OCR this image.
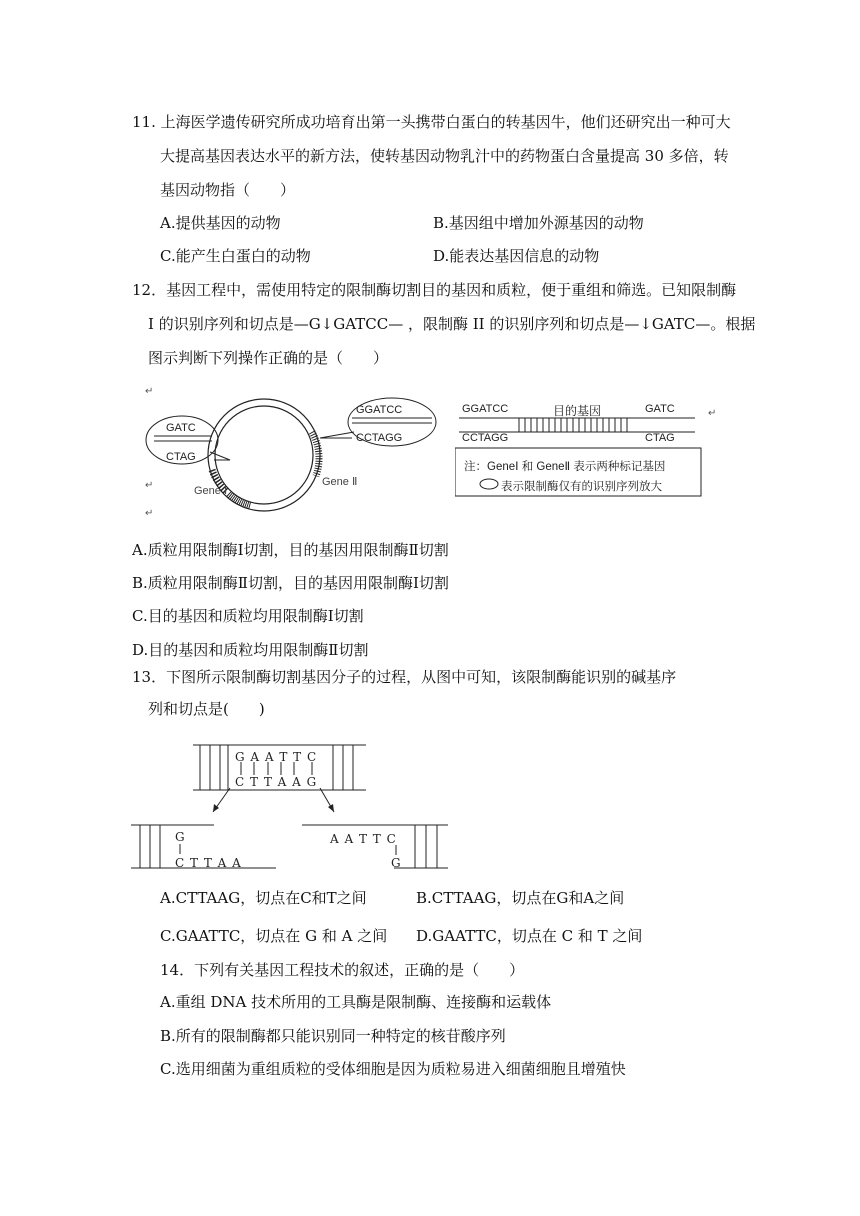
11. 上海医学遗传研究所成功培育出第一头携带白蛋白的转基因牛，他们还研究出一种可大
大提高基因表达水平的新方法，使转基因动物乳汁中的药物蛋白含量提高 30 多倍，转
基因动物指（　　）
A.提供基因的动物	B.基因组中增加外源基因的动物
C.能产生白蛋白的动物	D.能表达基因信息的动物
12．基因工程中，需使用特定的限制酶切割目的基因和质粒，便于重组和筛选。已知限制酶
I 的识别序列和切点是—G↓GATCC— ，限制酶 II 的识别序列和切点是—↓GATC—。根据
图示判断下列操作正确的是（　　）
GATC
CTAG
GGATCC
CCTAGG
Gene Ⅰ
Gene Ⅱ
GGATCC	目的基因	GATC
CCTAGG	CTAG
注：GeneⅠ 和 GeneⅡ 表示两种标记基因
表示限制酶仅有的识别序列放大
↵
↵
↵
↵
A.质粒用限制酶Ⅰ切割，目的基因用限制酶Ⅱ切割
B.质粒用限制酶Ⅱ切割，目的基因用限制酶Ⅰ切割
C.目的基因和质粒均用限制酶Ⅰ切割
D.目的基因和质粒均用限制酶Ⅱ切割
13．下图所示限制酶切割基因分子的过程，从图中可知，该限制酶能识别的碱基序
列和切点是(　　)
G A A T T C
C T T A A G
G
C T T A A
A A T T C
G
A.CTTAAG，切点在C和T之间	B.CTTAAG，切点在G和A之间
C.GAATTC，切点在 G 和 A 之间 D.GAATTC，切点在 C 和 T 之间
14．下列有关基因工程技术的叙述，正确的是（　　）
A.重组 DNA 技术所用的工具酶是限制酶、连接酶和运载体
B.所有的限制酶都只能识别同一种特定的核苷酸序列
C.选用细菌为重组质粒的受体细胞是因为质粒易进入细菌细胞且增殖快
